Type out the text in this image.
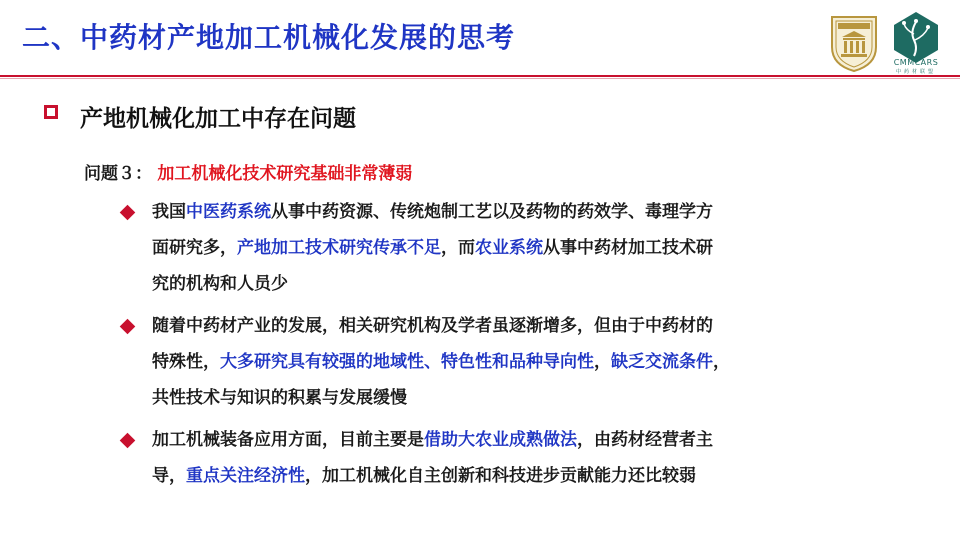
二、中药材产地加工机械化发展的思考
CMMCARS
中药材联盟
产地机械化加工中存在问题
问题３： 加工机械化技术研究基础非常薄弱
我国中医药系统从事中药资源、传统炮制工艺以及药物的药效学、毒理学方
面研究多，产地加工技术研究传承不足，而农业系统从事中药材加工技术研
究的机构和人员少
随着中药材产业的发展，相关研究机构及学者虽逐渐增多，但由于中药材的
特殊性，大多研究具有较强的地域性、特色性和品种导向性，缺乏交流条件，
共性技术与知识的积累与发展缓慢
加工机械装备应用方面，目前主要是借助大农业成熟做法，由药材经营者主
导，重点关注经济性，加工机械化自主创新和科技进步贡献能力还比较弱
